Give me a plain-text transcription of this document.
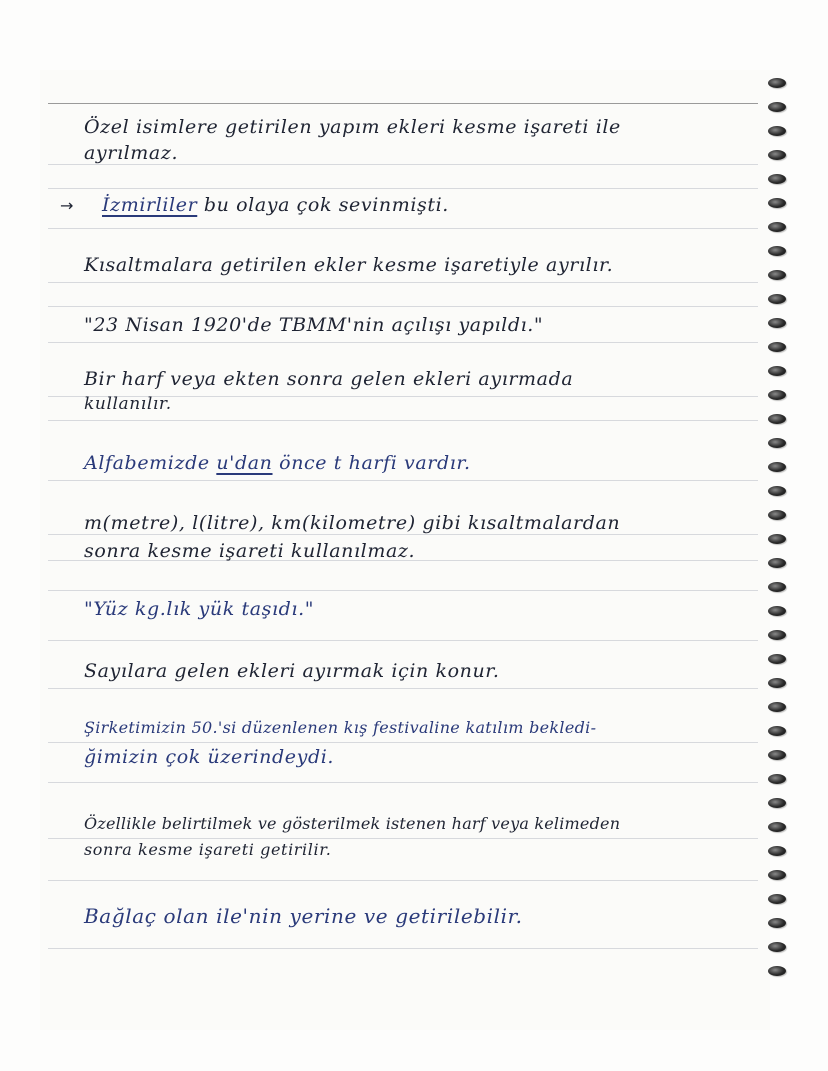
Özel isimlere getirilen yapım ekleri kesme işareti ile
ayrılmaz.
→ İzmirliler bu olaya çok sevinmişti.
Kısaltmalara getirilen ekler kesme işaretiyle ayrılır.
"23 Nisan 1920'de TBMM'nin açılışı yapıldı."
Bir harf veya ekten sonra gelen ekleri ayırmada
kullanılır.
Alfabemizde u'dan önce t harfi vardır.
m(metre), l(litre), km(kilometre) gibi kısaltmalardan
sonra kesme işareti kullanılmaz.
"Yüz kg.lık yük taşıdı."
Sayılara gelen ekleri ayırmak için konur.
Şirketimizin 50.'si düzenlenen kış festivaline katılım bekledi-
ğimizin çok üzerindeydi.
Özellikle belirtilmek ve gösterilmek istenen harf veya kelimeden
sonra kesme işareti getirilir.
Bağlaç olan ile'nin yerine ve getirilebilir.
